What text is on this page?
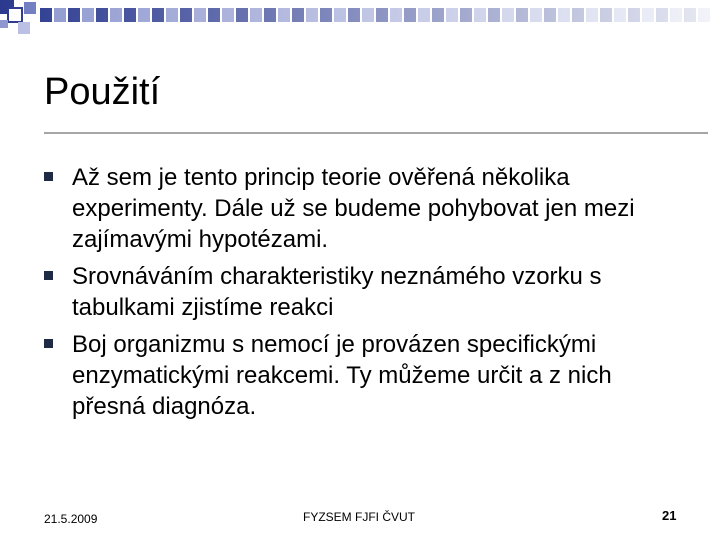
Použití
Až sem je tento princip teorie ověřená několika experimenty. Dále už se budeme pohybovat jen mezi zajímavými hypotézami.
Srovnáváním charakteristiky neznámého vzorku s tabulkami zjistíme reakci
Boj organizmu s nemocí je provázen specifickými enzymatickými reakcemi. Ty můžeme určit a z nich přesná diagnóza.
21.5.2009	FYZSEM FJFI ČVUT	21
